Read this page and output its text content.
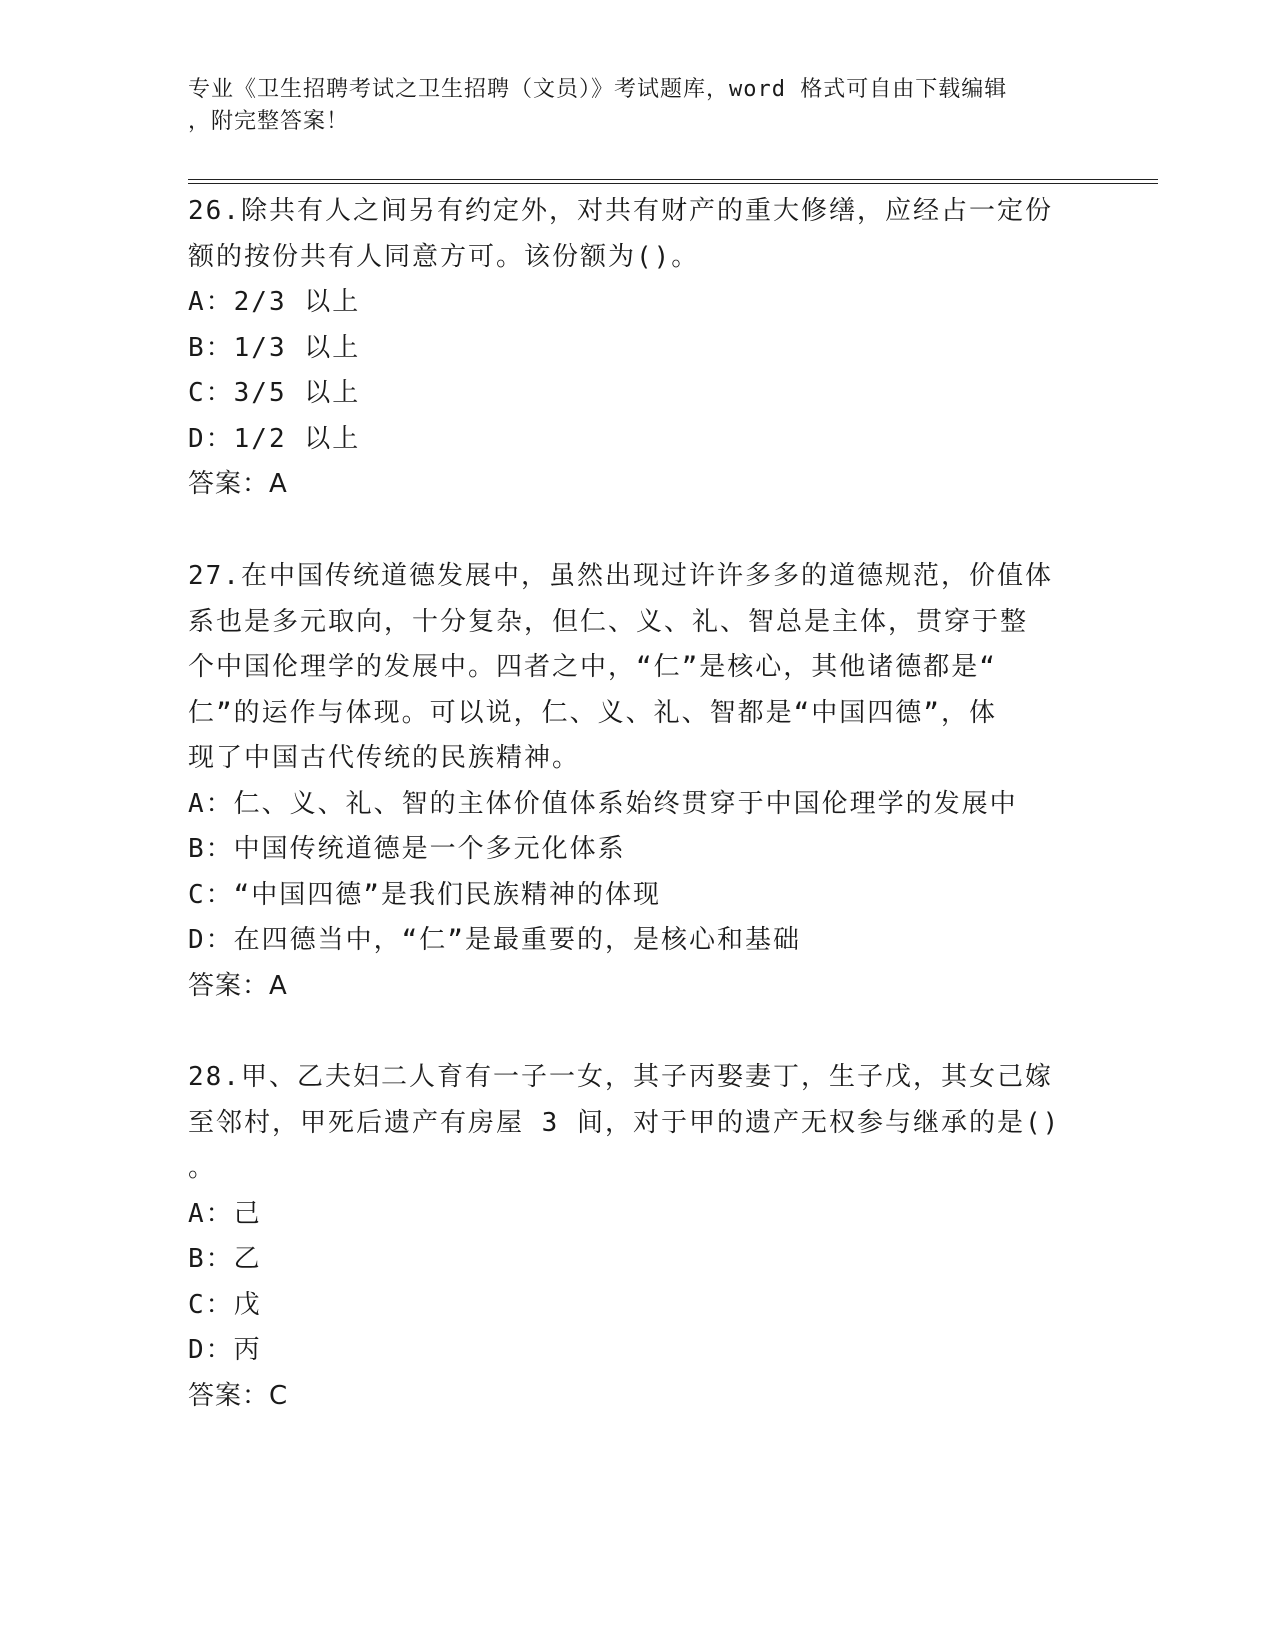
专业《卫生招聘考试之卫生招聘（文员）》考试题库，word 格式可自由下载编辑
，附完整答案！

26.除共有人之间另有约定外，对共有财产的重大修缮，应经占一定份
额的按份共有人同意方可。该份额为()。

A：2/3 以上

B：1/3 以上

C：3/5 以上

D：1/2 以上

答案：A

27.在中国传统道德发展中，虽然出现过许许多多的道德规范，价值体
系也是多元取向，十分复杂，但仁、义、礼、智总是主体，贯穿于整
个中国伦理学的发展中。四者之中，“仁”是核心，其他诸德都是“
仁”的运作与体现。可以说，仁、义、礼、智都是“中国四德”，体
现了中国古代传统的民族精神。

A：仁、义、礼、智的主体价值体系始终贯穿于中国伦理学的发展中

B：中国传统道德是一个多元化体系

C：“中国四德”是我们民族精神的体现

D：在四德当中，“仁”是最重要的，是核心和基础

答案：A

28.甲、乙夫妇二人育有一子一女，其子丙娶妻丁，生子戊，其女己嫁
至邻村，甲死后遗产有房屋 3 间，对于甲的遗产无权参与继承的是()
。

A：己

B：乙

C：戊

D：丙

答案：C
